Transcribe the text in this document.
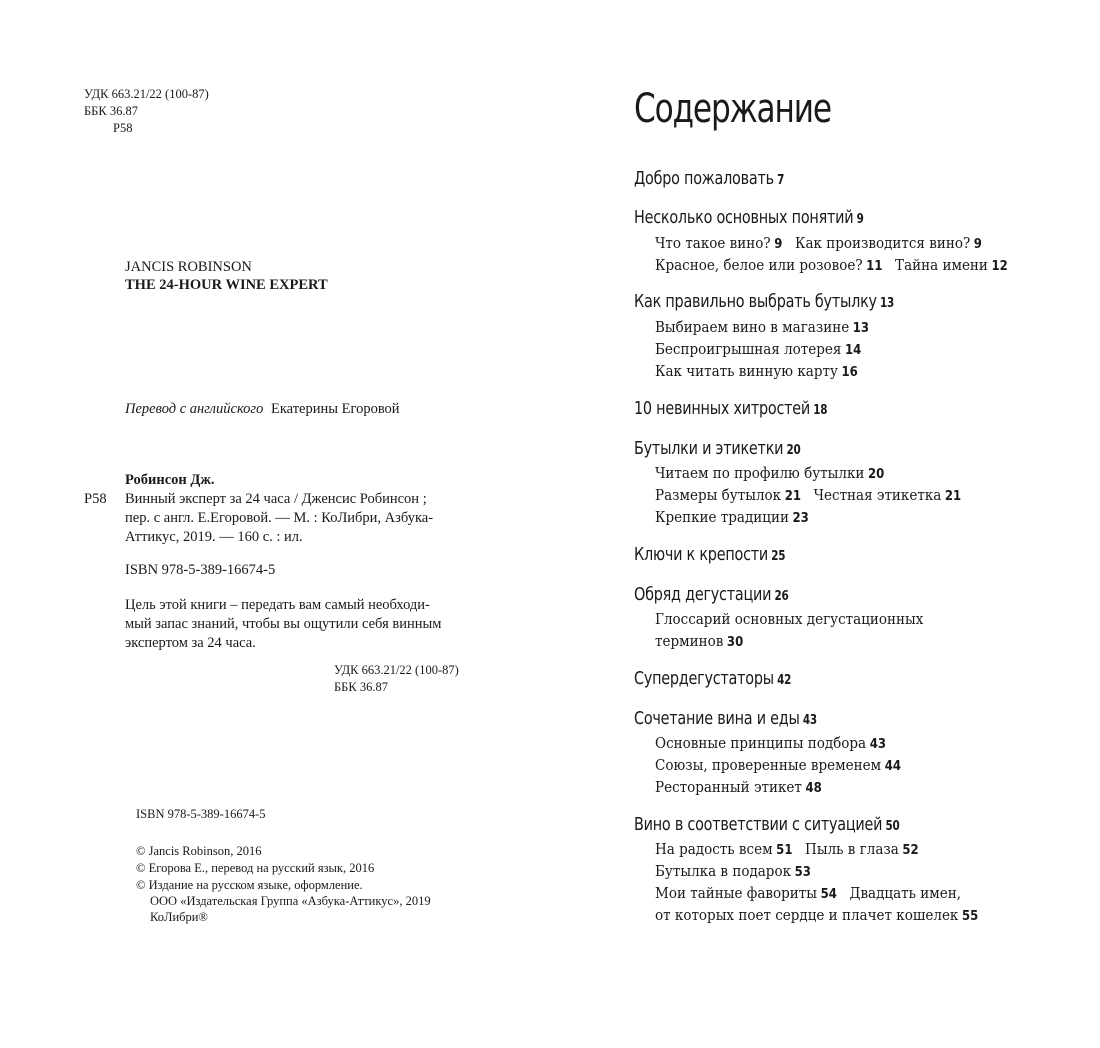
УДК 663.21/22 (100-87)
ББК 36.87
Р58
JANCIS ROBINSON
THE 24-HOUR WINE EXPERT
Перевод с английского Екатерины Егоровой
Робинсон Дж.
Р58 Винный эксперт за 24 часа / Дженсис Робинсон ;
пер. с англ. Е.Егоровой. — М. : КоЛибри, Азбука-
Аттикус, 2019. — 160 с. : ил.
ISBN 978-5-389-16674-5
Цель этой книги – передать вам самый необходи-
мый запас знаний, чтобы вы ощутили себя винным
экспертом за 24 часа.
УДК 663.21/22 (100-87)
ББК 36.87
ISBN 978-5-389-16674-5
© Jancis Robinson, 2016
© Егорова Е., перевод на русский язык, 2016
© Издание на русском языке, оформление.
ООО «Издательская Группа «Азбука-Аттикус», 2019
КоЛибри®
Содержание
Добро пожаловать 7
Несколько основных понятий 9
Что такое вино? 9 Как производится вино? 9
Красное, белое или розовое? 11 Тайна имени 12
Как правильно выбрать бутылку 13
Выбираем вино в магазине 13
Беспроигрышная лотерея 14
Как читать винную карту 16
10 невинных хитростей 18
Бутылки и этикетки 20
Читаем по профилю бутылки 20
Размеры бутылок 21 Честная этикетка 21
Крепкие традиции 23
Ключи к крепости 25
Обряд дегустации 26
Глоссарий основных дегустационных
терминов 30
Супердегустаторы 42
Сочетание вина и еды 43
Основные принципы подбора 43
Союзы, проверенные временем 44
Ресторанный этикет 48
Вино в соответствии с ситуацией 50
На радость всем 51 Пыль в глаза 52
Бутылка в подарок 53
Мои тайные фавориты 54 Двадцать имен,
от которых поет сердце и плачет кошелек 55
